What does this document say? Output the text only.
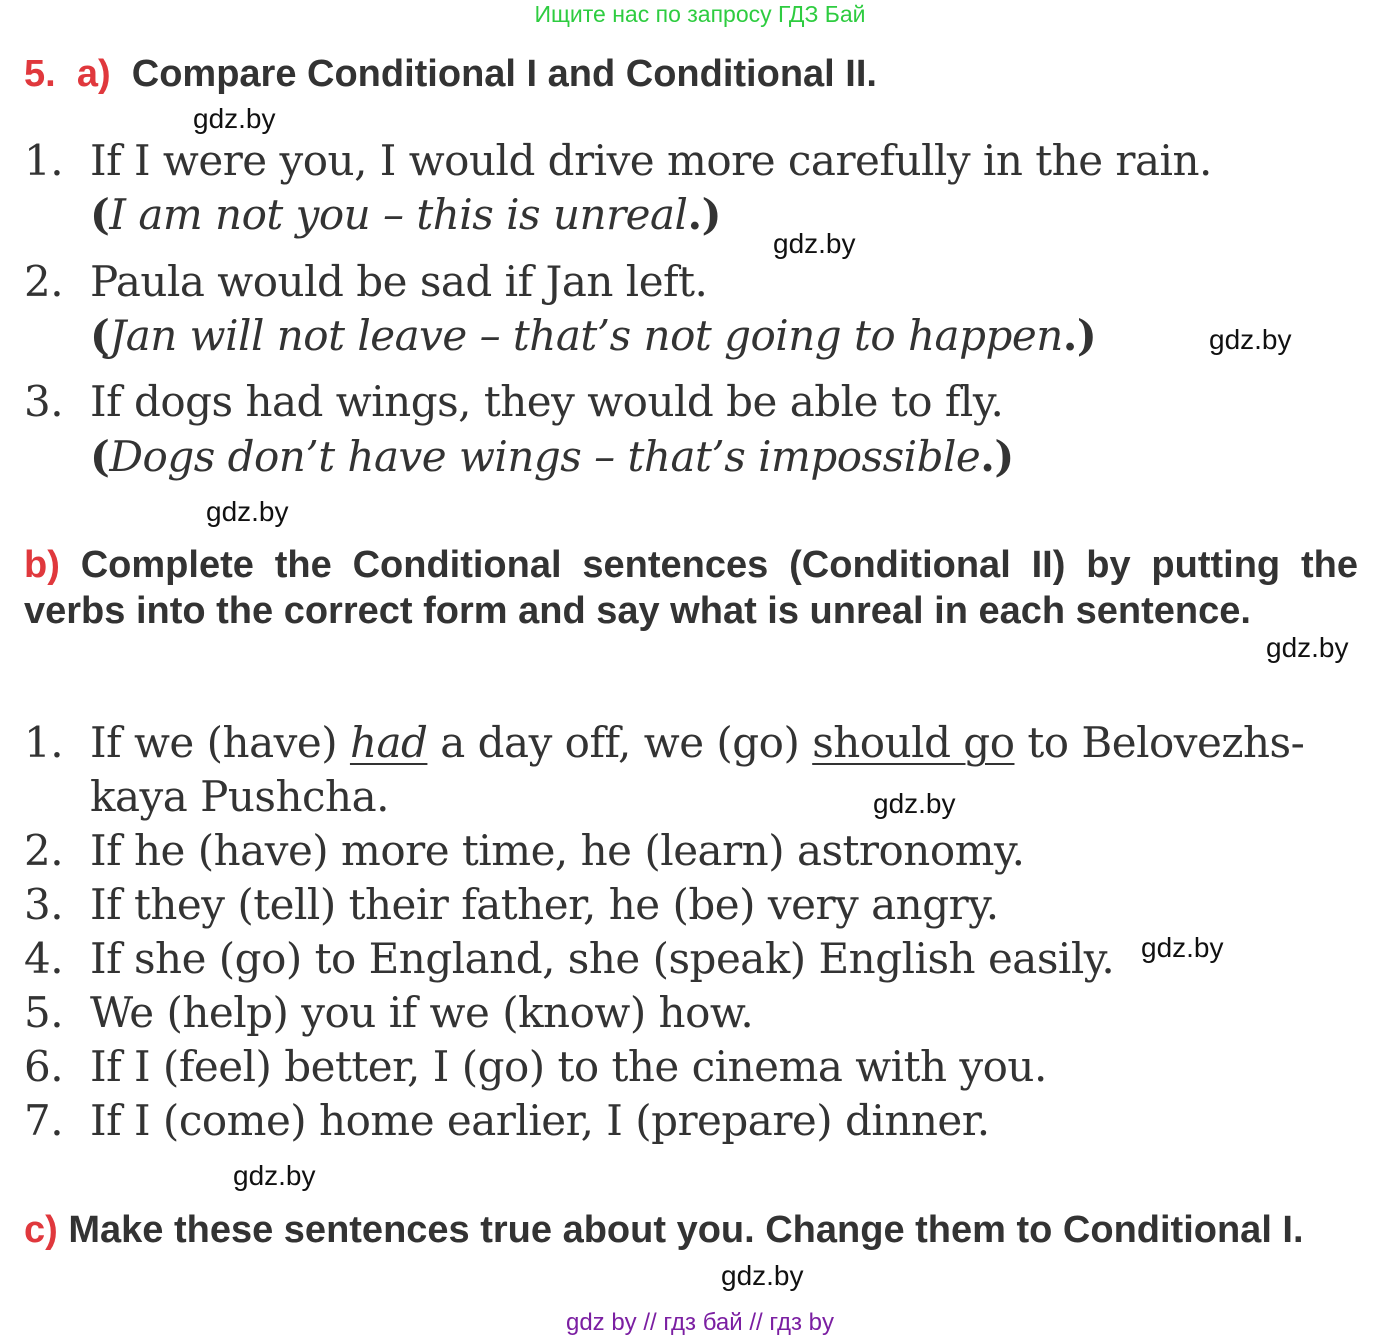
Ищите нас по запросу ГДЗ Бай
5. a) Compare Conditional I and Conditional II.
gdz.by
1. If I were you, I would drive more carefully in the rain.
(I am not you – this is unreal.)
gdz.by
2. Paula would be sad if Jan left.
(Jan will not leave – that’s not going to happen.)	gdz.by
3. If dogs had wings, they would be able to fly.
(Dogs don’t have wings – that’s impossible.)
gdz.by
b) Complete the Conditional sentences (Conditional II) by putting the verbs into the correct form and say what is unreal in each sentence.
gdz.by
1. If we (have) had a day off, we (go) should go to Belovezhs-
kaya Pushcha.	gdz.by
2. If he (have) more time, he (learn) astronomy.
3. If they (tell) their father, he (be) very angry.
4. If she (go) to England, she (speak) English easily. gdz.by
5. We (help) you if we (know) how.
6. If I (feel) better, I (go) to the cinema with you.
7. If I (come) home earlier, I (prepare) dinner.
gdz.by
c) Make these sentences true about you. Change them to Conditional I.
gdz.by
gdz by // гдз бай // гдз by
